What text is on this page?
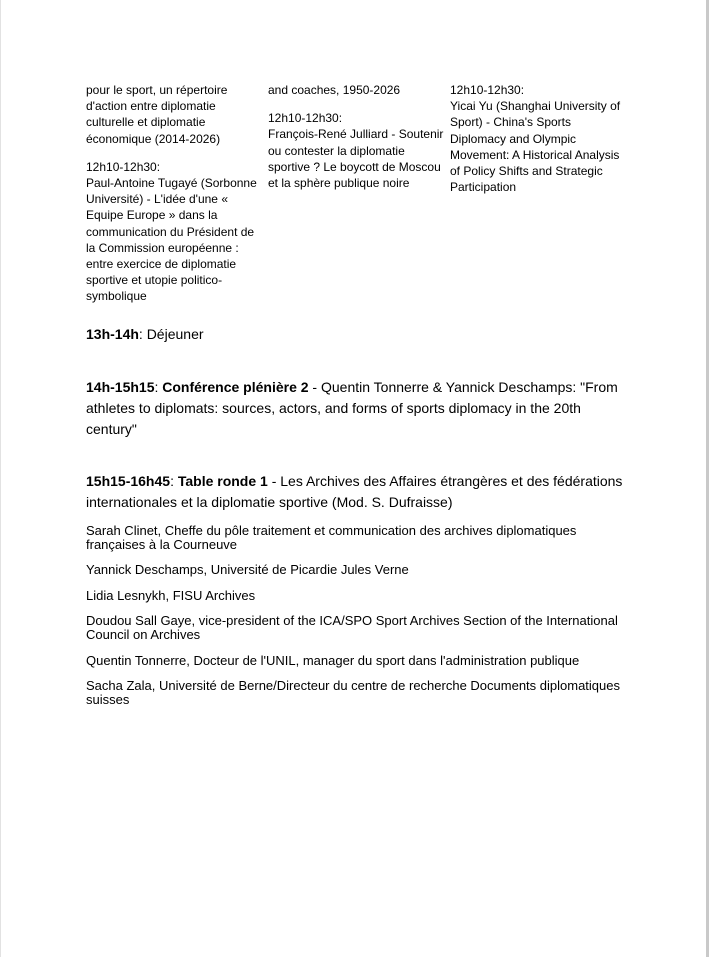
pour le sport, un répertoire d'action entre diplomatie culturelle et diplomatie économique (2014-2026)

12h10-12h30:
Paul-Antoine Tugayé (Sorbonne Université) - L'idée d'une « Equipe Europe » dans la communication du Président de la Commission européenne : entre exercice de diplomatie sportive et utopie politico-symbolique

and coaches, 1950-2026

12h10-12h30:
François-René Julliard - Soutenir ou contester la diplomatie sportive ? Le boycott de Moscou et la sphère publique noire
12h10-12h30:
Yicai Yu (Shanghai University of Sport) - China's Sports Diplomacy and Olympic Movement: A Historical Analysis of Policy Shifts and Strategic Participation

13h-14h: Déjeuner

14h-15h15: Conférence plénière 2 - Quentin Tonnerre & Yannick Deschamps: "From athletes to diplomats: sources, actors, and forms of sports diplomacy in the 20th century"

15h15-16h45: Table ronde 1 - Les Archives des Affaires étrangères et des fédérations internationales et la diplomatie sportive (Mod. S. Dufraisse)

Sarah Clinet, Cheffe du pôle traitement et communication des archives diplomatiques françaises à la Courneuve

Yannick Deschamps, Université de Picardie Jules Verne

Lidia Lesnykh, FISU Archives

Doudou Sall Gaye, vice-president of the ICA/SPO Sport Archives Section of the International Council on Archives

Quentin Tonnerre, Docteur de l'UNIL, manager du sport dans l'administration publique

Sacha Zala, Université de Berne/Directeur du centre de recherche Documents diplomatiques suisses
